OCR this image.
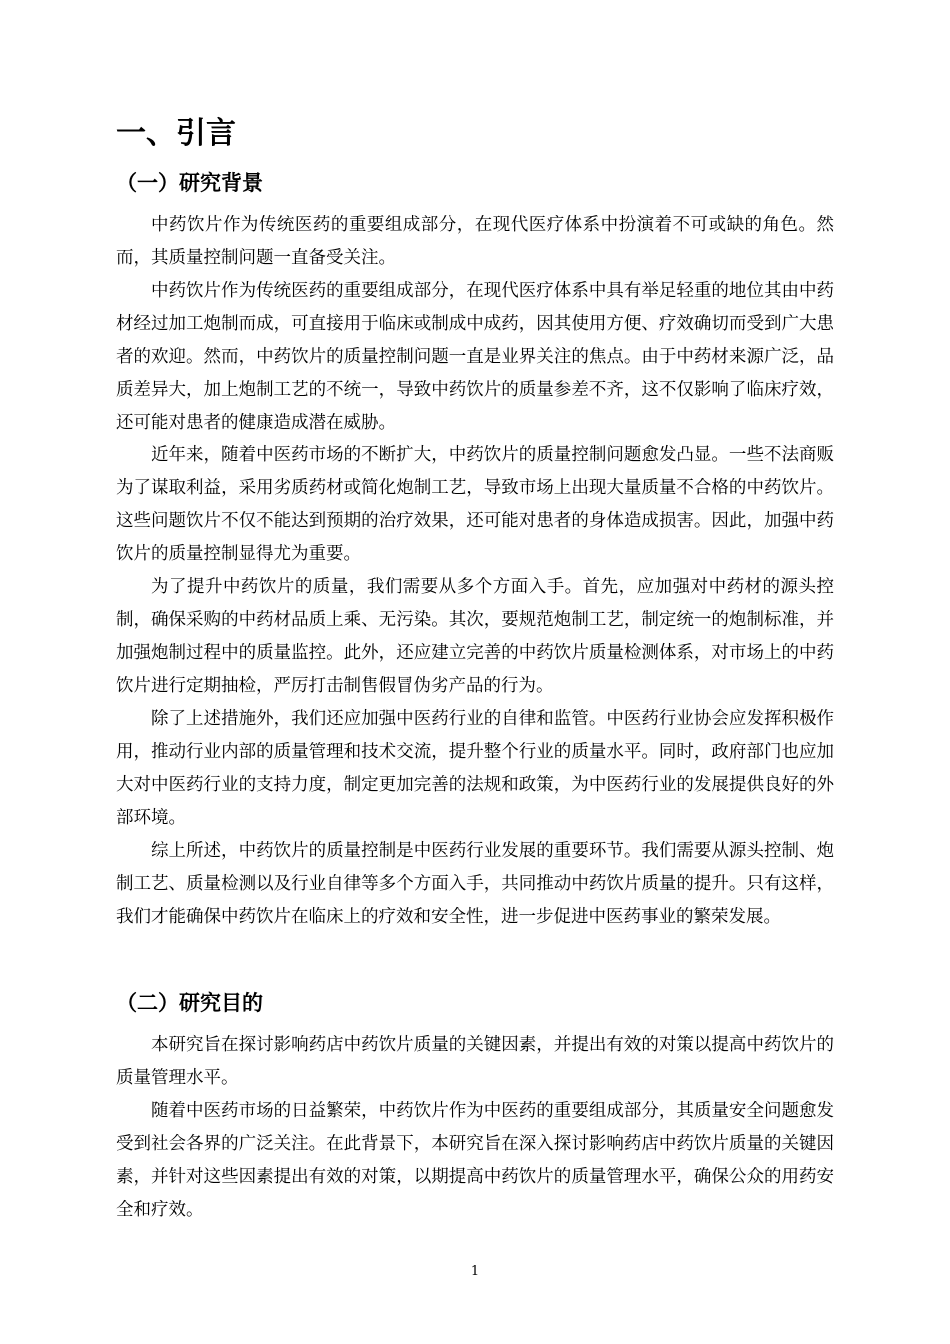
一、引言
（一）研究背景

中药饮片作为传统医药的重要组成部分，在现代医疗体系中扮演着不可或缺的角色。然而，其质量控制问题一直备受关注。

中药饮片作为传统医药的重要组成部分，在现代医疗体系中具有举足轻重的地位其由中药材经过加工炮制而成，可直接用于临床或制成中成药，因其使用方便、疗效确切而受到广大患者的欢迎。然而，中药饮片的质量控制问题一直是业界关注的焦点。由于中药材来源广泛，品质差异大，加上炮制工艺的不统一，导致中药饮片的质量参差不齐，这不仅影响了临床疗效，还可能对患者的健康造成潜在威胁。

近年来，随着中医药市场的不断扩大，中药饮片的质量控制问题愈发凸显。一些不法商贩为了谋取利益，采用劣质药材或简化炮制工艺，导致市场上出现大量质量不合格的中药饮片。这些问题饮片不仅不能达到预期的治疗效果，还可能对患者的身体造成损害。因此，加强中药饮片的质量控制显得尤为重要。

为了提升中药饮片的质量，我们需要从多个方面入手。首先，应加强对中药材的源头控制，确保采购的中药材品质上乘、无污染。其次，要规范炮制工艺，制定统一的炮制标准，并加强炮制过程中的质量监控。此外，还应建立完善的中药饮片质量检测体系，对市场上的中药饮片进行定期抽检，严厉打击制售假冒伪劣产品的行为。

除了上述措施外，我们还应加强中医药行业的自律和监管。中医药行业协会应发挥积极作用，推动行业内部的质量管理和技术交流，提升整个行业的质量水平。同时，政府部门也应加大对中医药行业的支持力度，制定更加完善的法规和政策，为中医药行业的发展提供良好的外部环境。

综上所述，中药饮片的质量控制是中医药行业发展的重要环节。我们需要从源头控制、炮制工艺、质量检测以及行业自律等多个方面入手，共同推动中药饮片质量的提升。只有这样，我们才能确保中药饮片在临床上的疗效和安全性，进一步促进中医药事业的繁荣发展。

（二）研究目的

本研究旨在探讨影响药店中药饮片质量的关键因素，并提出有效的对策以提高中药饮片的质量管理水平。

随着中医药市场的日益繁荣，中药饮片作为中医药的重要组成部分，其质量安全问题愈发受到社会各界的广泛关注。在此背景下，本研究旨在深入探讨影响药店中药饮片质量的关键因素，并针对这些因素提出有效的对策，以期提高中药饮片的质量管理水平，确保公众的用药安全和疗效。

1
